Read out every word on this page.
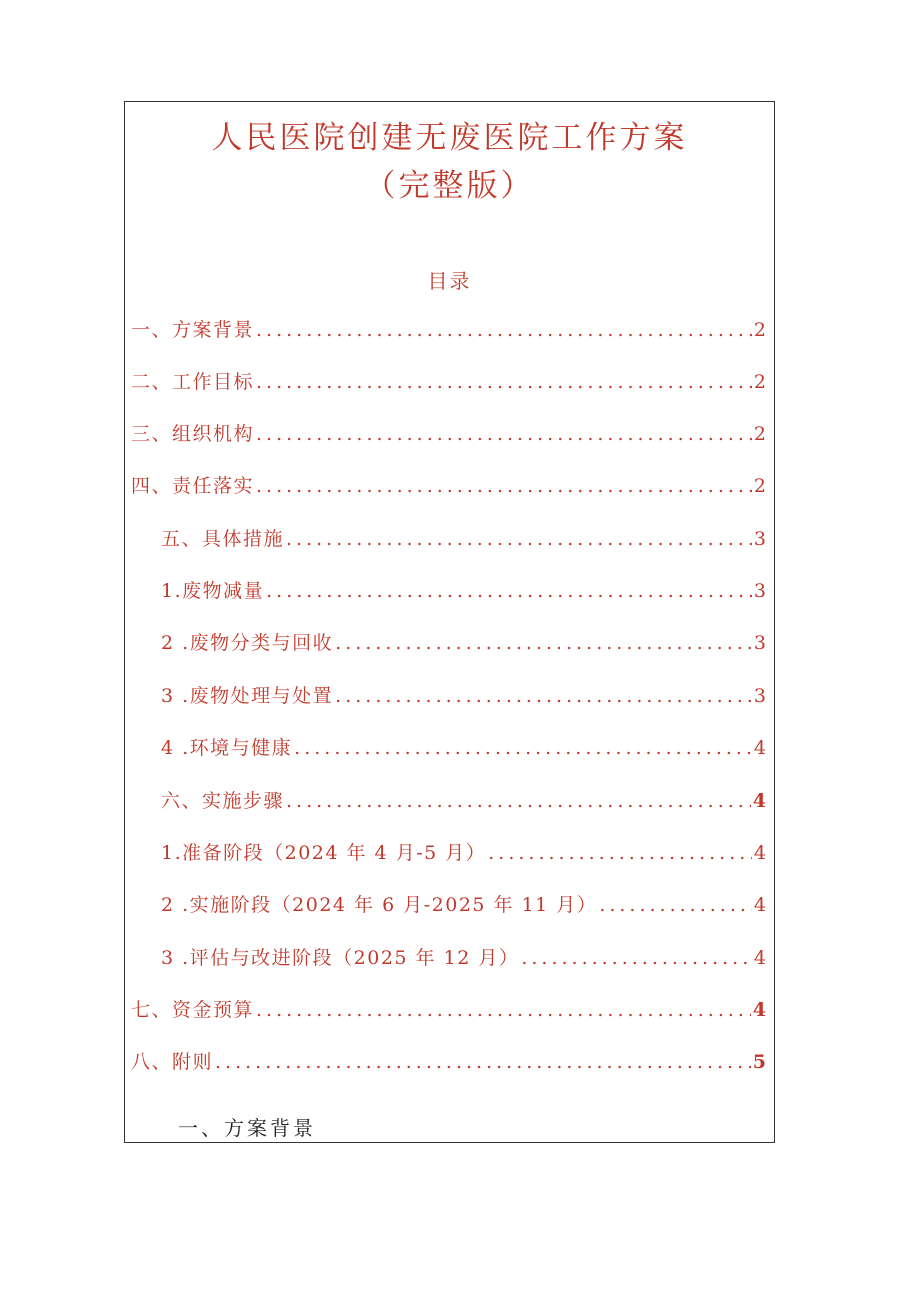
人民医院创建无废医院工作方案
（完整版）
目录
一、方案背景 .....	2
二、工作目标 .....	2
三、组织机构 .....	2
四、责任落实 .....	2
五、具体措施 .....	3
1.废物减量 .....	3
2 .废物分类与回收 .....	3
3 .废物处理与处置 .....	3
4 .环境与健康 .....	4
六、实施步骤 .....	4
1.准备阶段（2024 年 4 月-5 月） .....	4
2 .实施阶段（2024 年 6 月-2025 年 11 月） .....	4
3 .评估与改进阶段（2025 年 12 月） .....	4
七、资金预算 .....	4
八、附则 .....	5
一、方案背景
